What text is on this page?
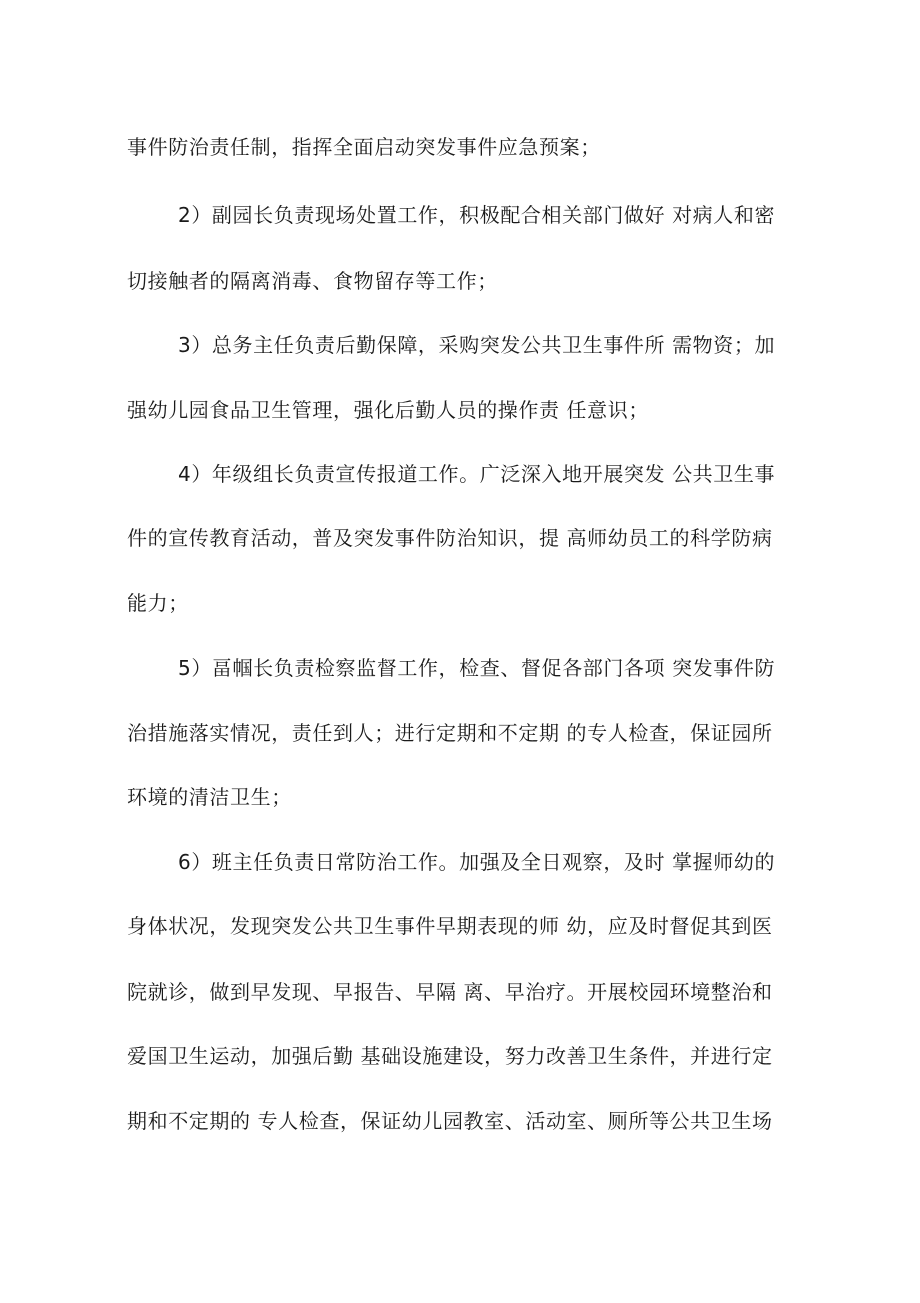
事件防治责任制，指挥全面启动突发事件应急预案；
2）副园长负责现场处置工作，积极配合相关部门做好 对病人和密
切接触者的隔离消毒、食物留存等工作；
3）总务主任负责后勤保障，采购突发公共卫生事件所 需物资；加
强幼儿园食品卫生管理，强化后勤人员的操作责 任意识；
4）年级组长负责宣传报道工作。广泛深入地开展突发 公共卫生事
件的宣传教育活动，普及突发事件防治知识，提 高师幼员工的科学防病
能力；
5）畐帼长负责检察监督工作，检查、督促各部门各项 突发事件防
治措施落实情况，责任到人；进行定期和不定期 的专人检查，保证园所
环境的清洁卫生；
6）班主任负责日常防治工作。加强及全日观察，及时 掌握师幼的
身体状况，发现突发公共卫生事件早期表现的师 幼，应及时督促其到医
院就诊，做到早发现、早报告、早隔 离、早治疗。开展校园环境整治和
爱国卫生运动，加强后勤 基础设施建设，努力改善卫生条件，并进行定
期和不定期的 专人检查，保证幼儿园教室、活动室、厕所等公共卫生场
